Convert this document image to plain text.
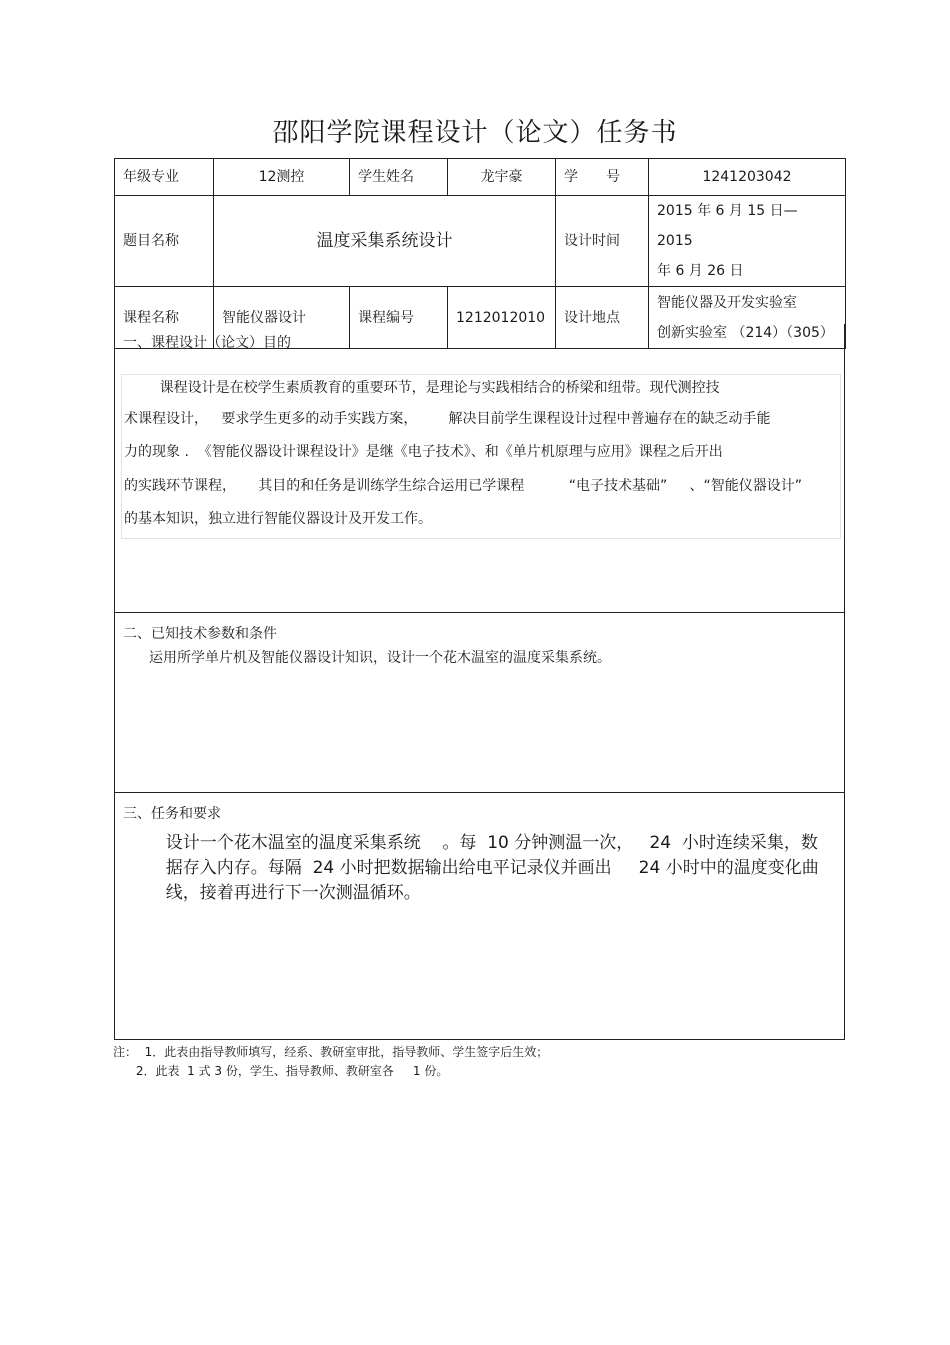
邵阳学院课程设计（论文）任务书
年级专业	12测控	学生姓名	龙宇豪	学　　号	1241203042
题目名称	温度采集系统设计			设计时间	2015 年 6 月 15 日— 2015
年 6 月 26 日

课程名称	智能仪器设计	课程编号	1212012010	设计地点	智能仪器及开发实验室
创新实验室 （214）（305）
一、课程设计（论文）目的
课程设计是在校学生素质教育的重要环节，是理论与实践相结合的桥梁和纽带。现代测控技
术课程设计，   要求学生更多的动手实践方案，       解决目前学生课程设计过程中普遍存在的缺乏动手能
力的现象 .  《智能仪器设计课程设计》是继《电子技术》、和《单片机原理与应用》课程之后开出
的实践环节课程，     其目的和任务是训练学生综合运用已学课程          “电子技术基础”     、“智能仪器设计”
的基本知识，独立进行智能仪器设计及开发工作。
二、已知技术参数和条件
运用所学单片机及智能仪器设计知识，设计一个花木温室的温度采集系统。
三、任务和要求
设计一个花木温室的温度采集系统    。每  10 分钟测温一次，   24  小时连续采集，数
据存入内存。每隔  24 小时把数据输出给电平记录仪并画出     24 小时中的温度变化曲
线，接着再进行下一次测温循环。
注：  1．此表由指导教师填写，经系、教研室审批，指导教师、学生签字后生效；
2．此表  1 式 3 份，学生、指导教师、教研室各     1 份。
